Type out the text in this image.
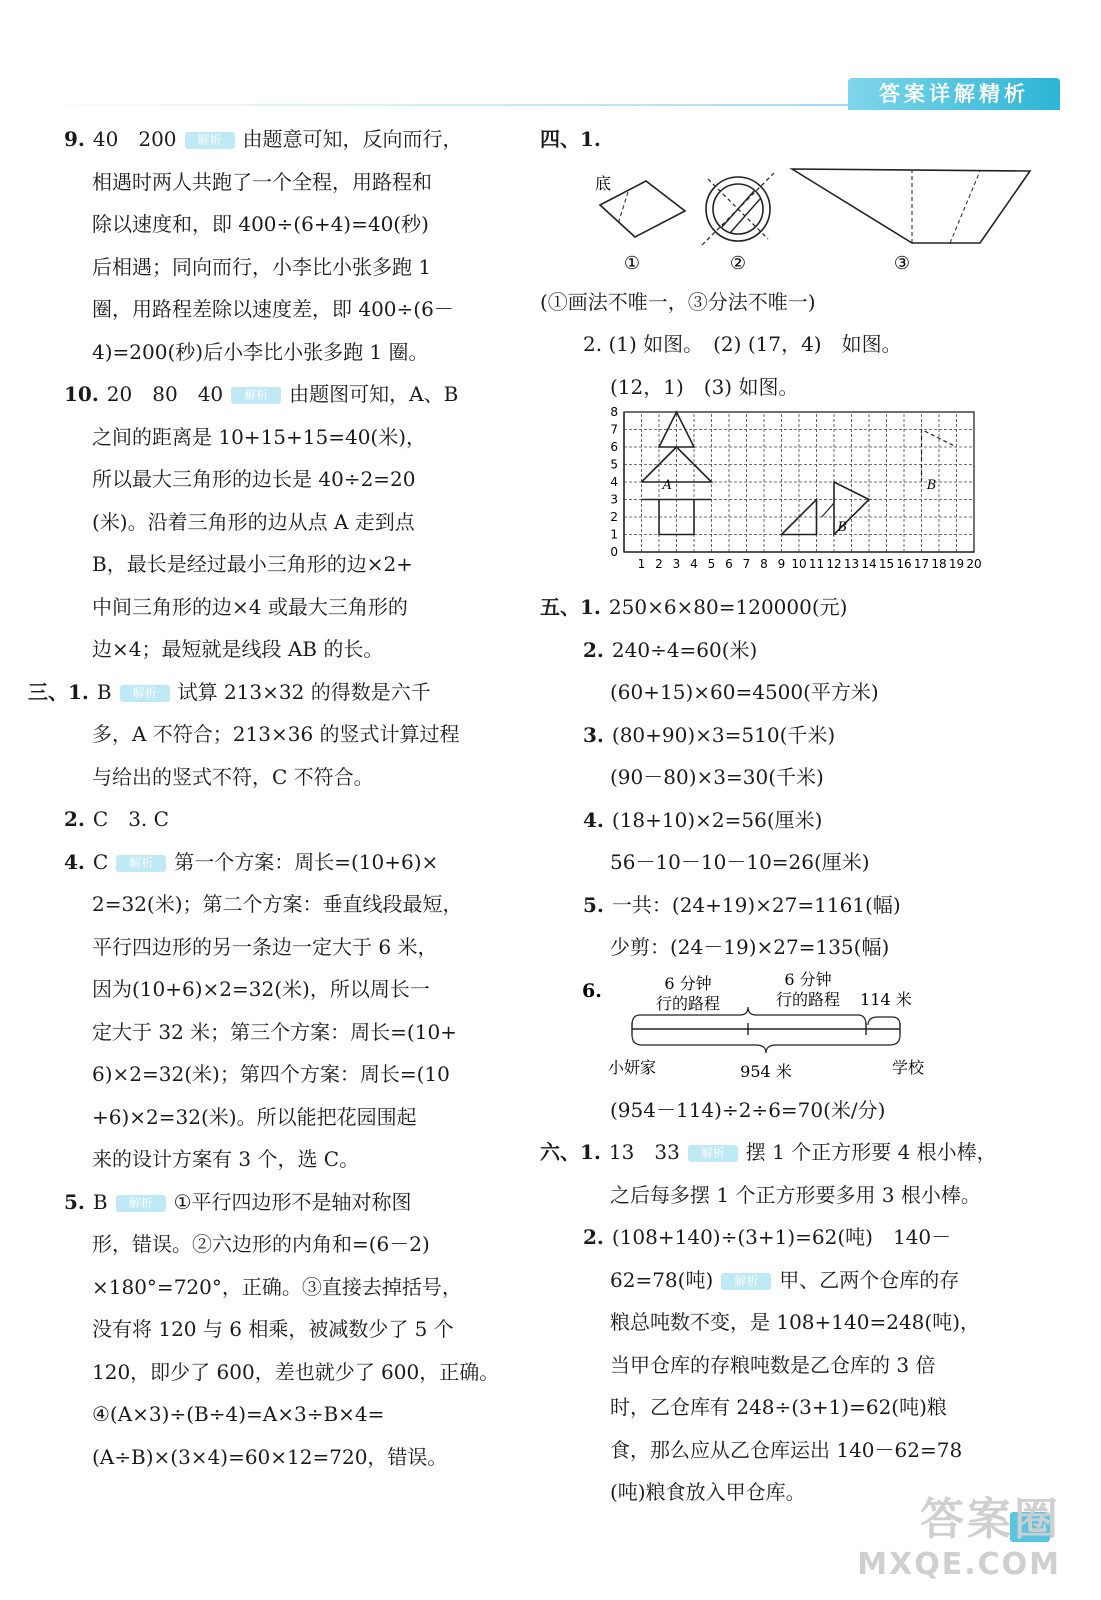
答案详解精析
9. 40　200 解析 由题意可知，反向而行，
相遇时两人共跑了一个全程，用路程和
除以速度和，即 400÷(6+4)=40(秒)
后相遇；同向而行，小李比小张多跑 1
圈，用路程差除以速度差，即 400÷(6－
4)=200(秒)后小李比小张多跑 1 圈。
10. 20　80　40 解析 由题图可知，A、B
之间的距离是 10+15+15=40(米)，
所以最大三角形的边长是 40÷2=20
(米)。沿着三角形的边从点 A 走到点
B，最长是经过最小三角形的边×2+
中间三角形的边×4 或最大三角形的
边×4；最短就是线段 AB 的长。
三、1. B 解析 试算 213×32 的得数是六千
多，A 不符合；213×36 的竖式计算过程
与给出的竖式不符，C 不符合。
2. C　3. C
4. C 解析 第一个方案：周长=(10+6)×
2=32(米)；第二个方案：垂直线段最短，
平行四边形的另一条边一定大于 6 米，
因为(10+6)×2=32(米)，所以周长一
定大于 32 米；第三个方案：周长=(10+
6)×2=32(米)；第四个方案：周长=(10
+6)×2=32(米)。所以能把花园围起
来的设计方案有 3 个，选 C。
5. B 解析 ①平行四边形不是轴对称图
形，错误。②六边形的内角和=(6－2)
×180°=720°，正确。③直接去掉括号，
没有将 120 与 6 相乘，被减数少了 5 个
120，即少了 600，差也就少了 600，正确。
④(A×3)÷(B÷4)=A×3÷B×4=
(A÷B)×(3×4)=60×12=720，错误。
四、1.
底
①	②	③
(①画法不唯一，③分法不唯一)
2. (1) 如图。　(2) (17，4)　如图。
(12，1)　(3) 如图。
1 2 3 4 5 6 7 8 9 10 11 12 13 14 15 16 17 18 19 20
0
1
2
3
4
5
6
7
8
A
B
B
五、1. 250×6×80=120000(元)
2. 240÷4=60(米)
(60+15)×60=4500(平方米)
3. (80+90)×3=510(千米)
(90－80)×3=30(千米)
4. (18+10)×2=56(厘米)
56－10－10－10=26(厘米)
5. 一共：(24+19)×27=1161(幅)
少剪：(24－19)×27=135(幅)
6.	6 分钟
行的路程
6 分钟
行的路程 114 米
小妍家	954 米	学校
(954－114)÷2÷6=70(米/分)
六、1. 13　33 解析 摆 1 个正方形要 4 根小棒，
之后每多摆 1 个正方形要多用 3 根小棒。
2. (108+140)÷(3+1)=62(吨)　140－
62=78(吨) 解析 甲、乙两个仓库的存
粮总吨数不变，是 108+140=248(吨)，
当甲仓库的存粮吨数是乙仓库的 3 倍
时，乙仓库有 248÷(3+1)=62(吨)粮
食，那么应从乙仓库运出 140－62=78
(吨)粮食放入甲仓库。
答案圈
MXQE.COM
